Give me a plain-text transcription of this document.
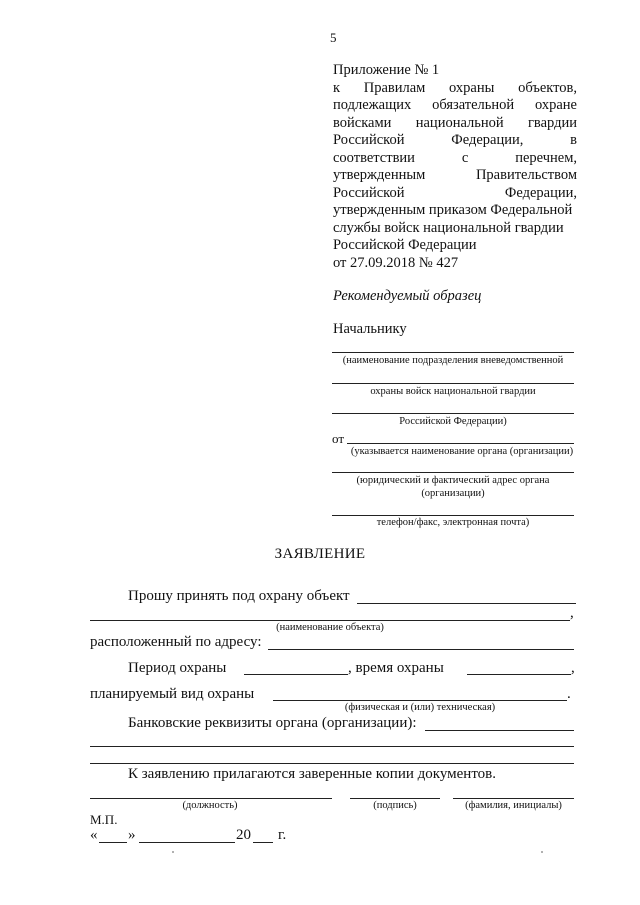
5
Приложение № 1
к Правилам охраны объектов,
подлежащих обязательной охране
войсками национальной гвардии
Российской	Федерации,	в
соответствии	с	перечнем,
утвержденным	Правительством
Российской	Федерации,
утвержденным приказом Федеральной
службы войск национальной гвардии
Российской Федерации
от 27.09.2018 № 427
Рекомендуемый образец
Начальнику
(наименование подразделения вневедомственной
охраны войск национальной гвардии
Российской Федерации)
от
(указывается наименование органа (организации)
(юридический и фактический адрес органа
(организации)
телефон/факс, электронная почта)
ЗАЯВЛЕНИЕ
Прошу принять под охрану объект
,
(наименование объекта)
расположенный по адресу:
Период охраны	, время охраны	,
планируемый вид охраны	.
(физическая и (или) техническая)
Банковские реквизиты органа (организации):
К заявлению прилагаются заверенные копии документов.
(должность)	(подпись)	(фамилия, инициалы)
М.П.
« »	20 г.
